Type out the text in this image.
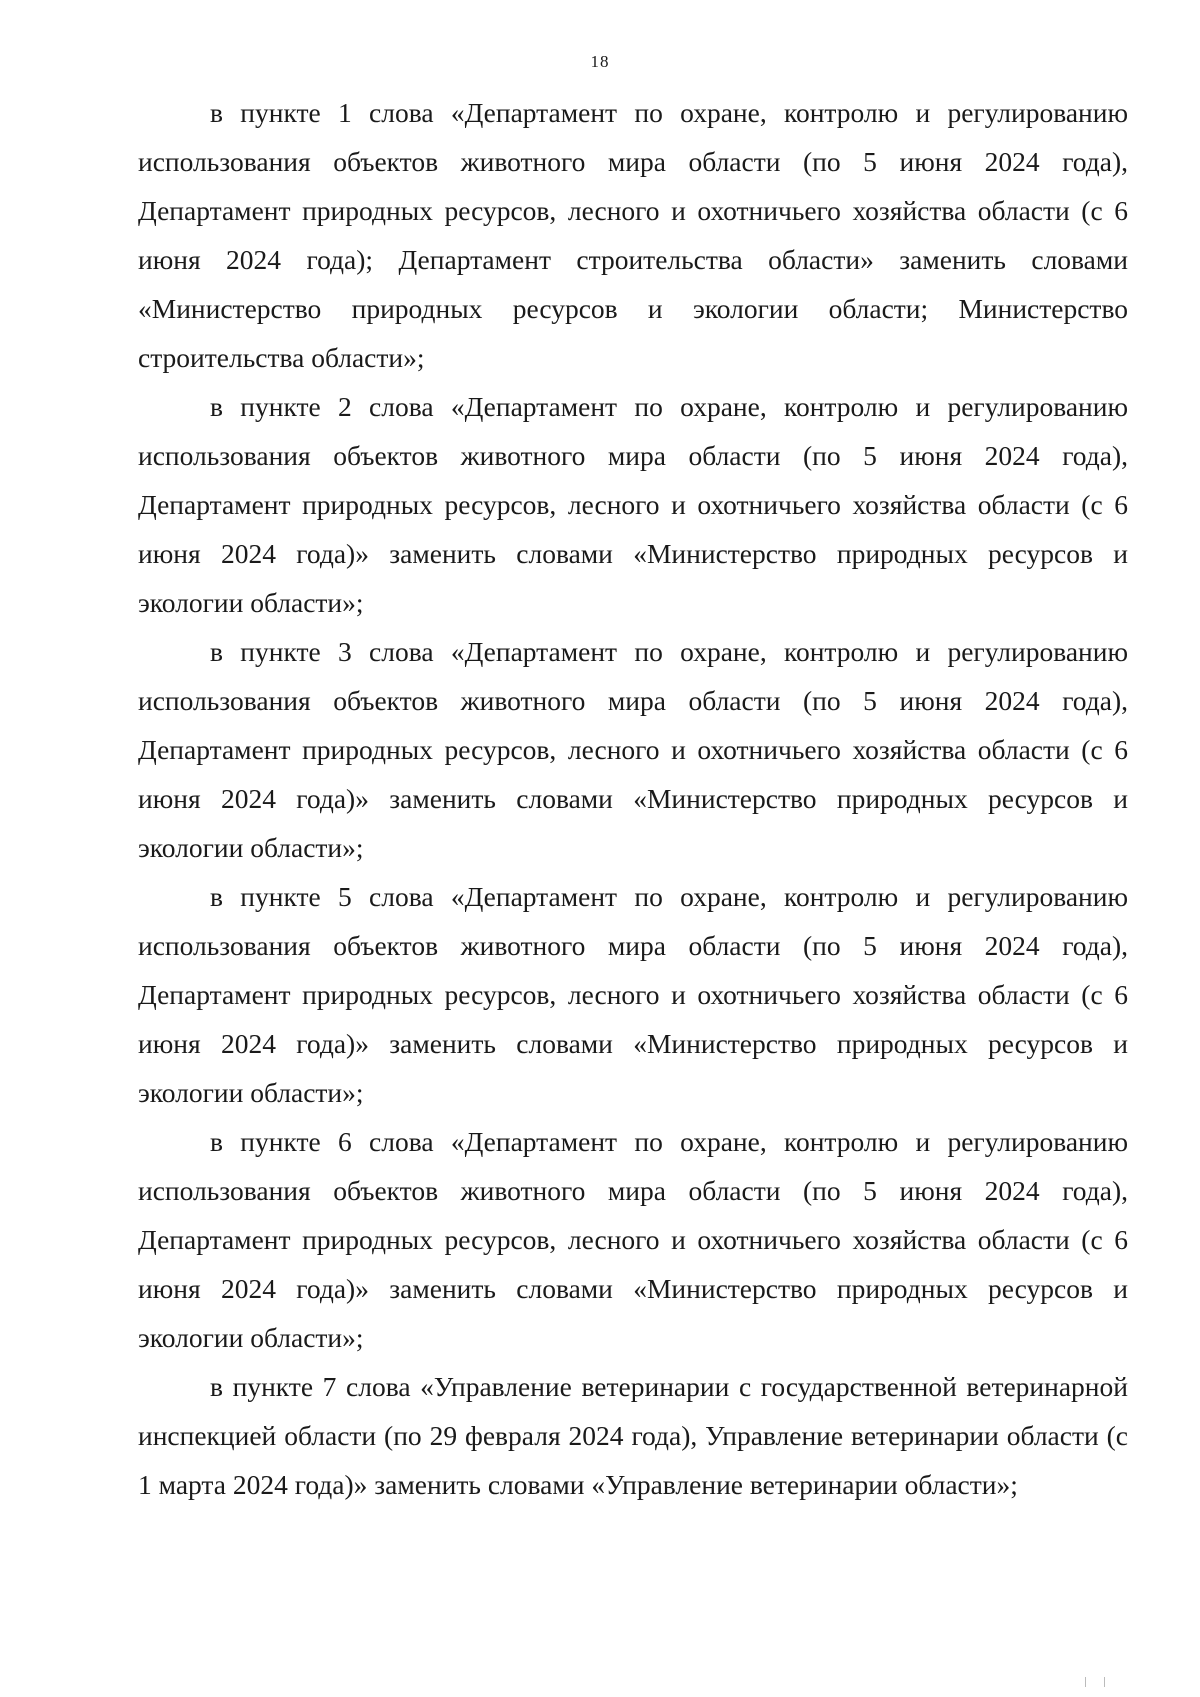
18

в пункте 1 слова «Департамент по охране, контролю и регулированию использования объектов животного мира области (по 5 июня 2024 года), Департамент природных ресурсов, лесного и охотничьего хозяйства области (с 6 июня 2024 года); Департамент строительства области» заменить словами «Министерство природных ресурсов и экологии области; Министерство строительства области»;

в пункте 2 слова «Департамент по охране, контролю и регулированию использования объектов животного мира области (по 5 июня 2024 года), Департамент природных ресурсов, лесного и охотничьего хозяйства области (с 6 июня 2024 года)» заменить словами «Министерство природных ресурсов и экологии области»;

в пункте 3 слова «Департамент по охране, контролю и регулированию использования объектов животного мира области (по 5 июня 2024 года), Департамент природных ресурсов, лесного и охотничьего хозяйства области (с 6 июня 2024 года)» заменить словами «Министерство природных ресурсов и экологии области»;

в пункте 5 слова «Департамент по охране, контролю и регулированию использования объектов животного мира области (по 5 июня 2024 года), Департамент природных ресурсов, лесного и охотничьего хозяйства области (с 6 июня 2024 года)» заменить словами «Министерство природных ресурсов и экологии области»;

в пункте 6 слова «Департамент по охране, контролю и регулированию использования объектов животного мира области (по 5 июня 2024 года), Департамент природных ресурсов, лесного и охотничьего хозяйства области (с 6 июня 2024 года)» заменить словами «Министерство природных ресурсов и экологии области»;

в пункте 7 слова «Управление ветеринарии с государственной ветеринарной инспекцией области (по 29 февраля 2024 года), Управление ветеринарии области (с 1 марта 2024 года)» заменить словами «Управление ветеринарии области»;
